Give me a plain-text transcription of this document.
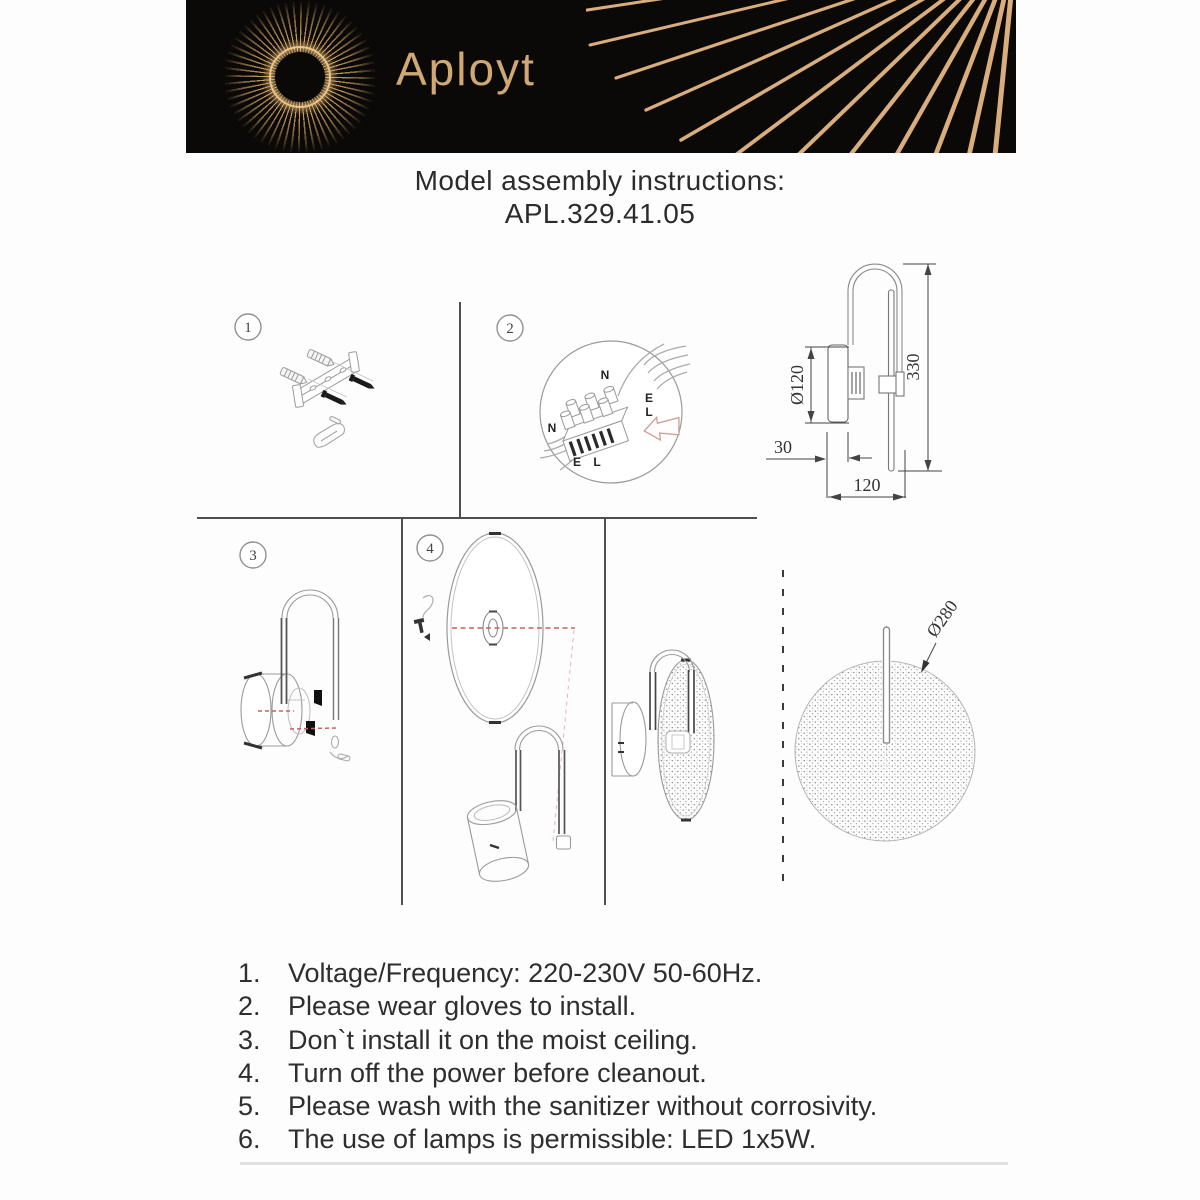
Aployt
Model assembly instructions:
APL.329.41.05
1	2
3	4
N
E
L
N
E L
Ø120	330
30
120
Ø280
1.	Voltage/Frequency: 220-230V 50-60Hz.
2.	Please wear gloves to install.
3.	Don`t install it on the moist ceiling.
4.	Turn off the power before cleanout.
5.	Please wash with the sanitizer without corrosivity.
6.	The use of lamps is permissible: LED 1x5W.
